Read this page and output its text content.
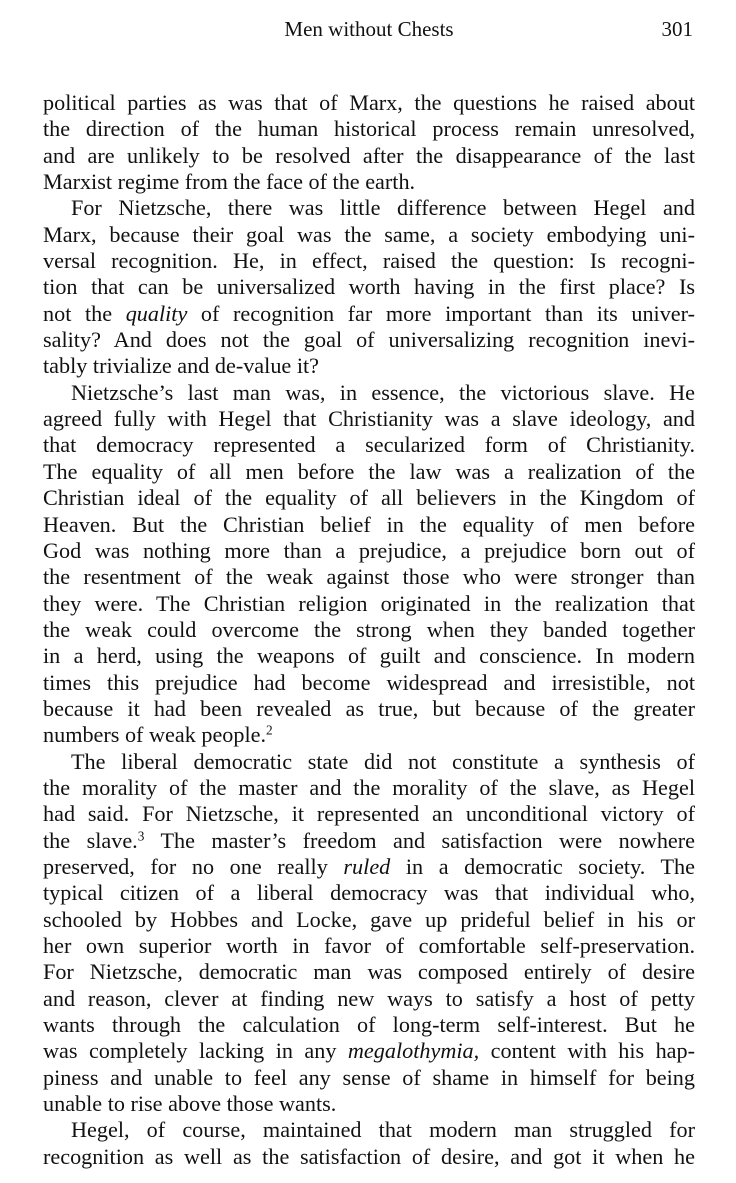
Men without Chests	301

political parties as was that of Marx, the questions he raised about
the direction of the human historical process remain unresolved,
and are unlikely to be resolved after the disappearance of the last
Marxist regime from the face of the earth.

For Nietzsche, there was little difference between Hegel and
Marx, because their goal was the same, a society embodying uni-
versal recognition. He, in effect, raised the question: Is recogni-
tion that can be universalized worth having in the first place? Is
not the quality of recognition far more important than its univer-
sality? And does not the goal of universalizing recognition inevi-
tably trivialize and de-value it?

Nietzsche’s last man was, in essence, the victorious slave. He
agreed fully with Hegel that Christianity was a slave ideology, and
that democracy represented a secularized form of Christianity.
The equality of all men before the law was a realization of the
Christian ideal of the equality of all believers in the Kingdom of
Heaven. But the Christian belief in the equality of men before
God was nothing more than a prejudice, a prejudice born out of
the resentment of the weak against those who were stronger than
they were. The Christian religion originated in the realization that
the weak could overcome the strong when they banded together
in a herd, using the weapons of guilt and conscience. In modern
times this prejudice had become widespread and irresistible, not
because it had been revealed as true, but because of the greater
numbers of weak people.$^2$

The liberal democratic state did not constitute a synthesis of
the morality of the master and the morality of the slave, as Hegel
had said. For Nietzsche, it represented an unconditional victory of
the slave.$^3$ The master’s freedom and satisfaction were nowhere
preserved, for no one really ruled in a democratic society. The
typical citizen of a liberal democracy was that individual who,
schooled by Hobbes and Locke, gave up prideful belief in his or
her own superior worth in favor of comfortable self-preservation.
For Nietzsche, democratic man was composed entirely of desire
and reason, clever at finding new ways to satisfy a host of petty
wants through the calculation of long-term self-interest. But he
was completely lacking in any megalothymia, content with his hap-
piness and unable to feel any sense of shame in himself for being
unable to rise above those wants.

Hegel, of course, maintained that modern man struggled for
recognition as well as the satisfaction of desire, and got it when he
